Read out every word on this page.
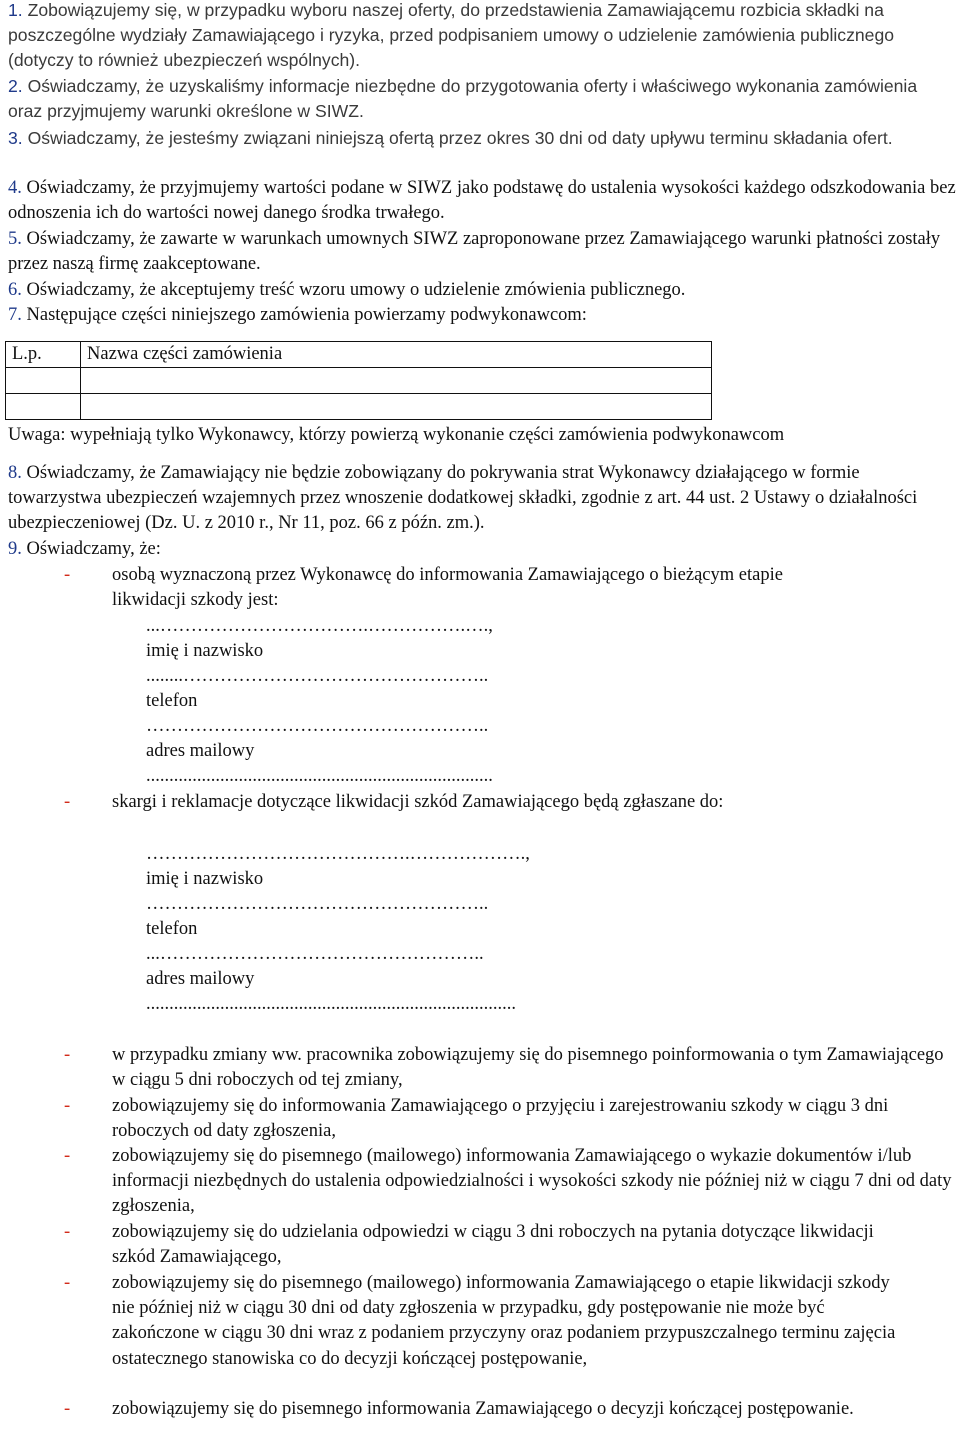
1. Zobowiązujemy się, w przypadku wyboru naszej oferty, do przedstawienia Zamawiającemu rozbicia składki na poszczególne wydziały Zamawiającego i ryzyka, przed podpisaniem umowy o udzielenie zamówienia publicznego (dotyczy to również ubezpieczeń wspólnych).

2. Oświadczamy, że uzyskaliśmy informacje niezbędne do przygotowania oferty i właściwego wykonania zamówienia oraz przyjmujemy warunki określone w SIWZ.

3. Oświadczamy, że jesteśmy związani niniejszą ofertą przez okres 30 dni od daty upływu terminu składania ofert.

4. Oświadczamy, że przyjmujemy wartości podane w SIWZ jako podstawę do ustalenia wysokości każdego odszkodowania bez odnoszenia ich do wartości nowej danego środka trwałego.

5. Oświadczamy, że zawarte w warunkach umownych SIWZ zaproponowane przez Zamawiającego warunki płatności zostały przez naszą firmę zaakceptowane.

6. Oświadczamy, że akceptujemy treść wzoru umowy o udzielenie zmówienia publicznego.

7. Następujące części niniejszego zamówienia powierzamy podwykonawcom:

L.p.	Nazwa części zamówienia

Uwaga: wypełniają tylko Wykonawcy, którzy powierzą wykonanie części zamówienia podwykonawcom

8. Oświadczamy, że Zamawiający nie będzie zobowiązany do pokrywania strat Wykonawcy działającego w formie towarzystwa ubezpieczeń wzajemnych przez wnoszenie dodatkowej składki, zgodnie z art. 44 ust. 2 Ustawy o działalności ubezpieczeniowej (Dz. U. z 2010 r., Nr 11, poz. 66 z późn. zm.).

9. Oświadczamy, że:

-	osobą wyznaczoną przez Wykonawcę do informowania Zamawiającego o bieżącym etapie likwidacji szkody jest:
...…………………………….…………….….,
imię i nazwisko
........…………………………………………..
telefon
………………………………………………..
adres mailowy
...........................................................................
-	skargi i reklamacje dotyczące likwidacji szkód Zamawiającego będą zgłaszane do:
…………………………………….……………….,
imię i nazwisko
………………………………………………..
telefon
...……………………………………………..
adres mailowy
................................................................................
-	w przypadku zmiany ww. pracownika zobowiązujemy się do pisemnego poinformowania o tym Zamawiającego w ciągu 5 dni roboczych od tej zmiany,
-	zobowiązujemy się do informowania Zamawiającego o przyjęciu i zarejestrowaniu szkody w ciągu 3 dni roboczych od daty zgłoszenia,
-	zobowiązujemy się do pisemnego (mailowego) informowania Zamawiającego o wykazie dokumentów i/lub informacji niezbędnych do ustalenia odpowiedzialności i wysokości szkody nie później niż w ciągu 7 dni od daty zgłoszenia,
-	zobowiązujemy się do udzielania odpowiedzi w ciągu 3 dni roboczych na pytania dotyczące likwidacji szkód Zamawiającego,
-	zobowiązujemy się do pisemnego (mailowego) informowania Zamawiającego o etapie likwidacji szkody nie później niż w ciągu 30 dni od daty zgłoszenia w przypadku, gdy postępowanie nie może być zakończone w ciągu 30 dni wraz z podaniem przyczyny oraz podaniem przypuszczalnego terminu zajęcia ostatecznego stanowiska co do decyzji kończącej postępowanie,
-	zobowiązujemy się do pisemnego informowania Zamawiającego o decyzji kończącej postępowanie.
